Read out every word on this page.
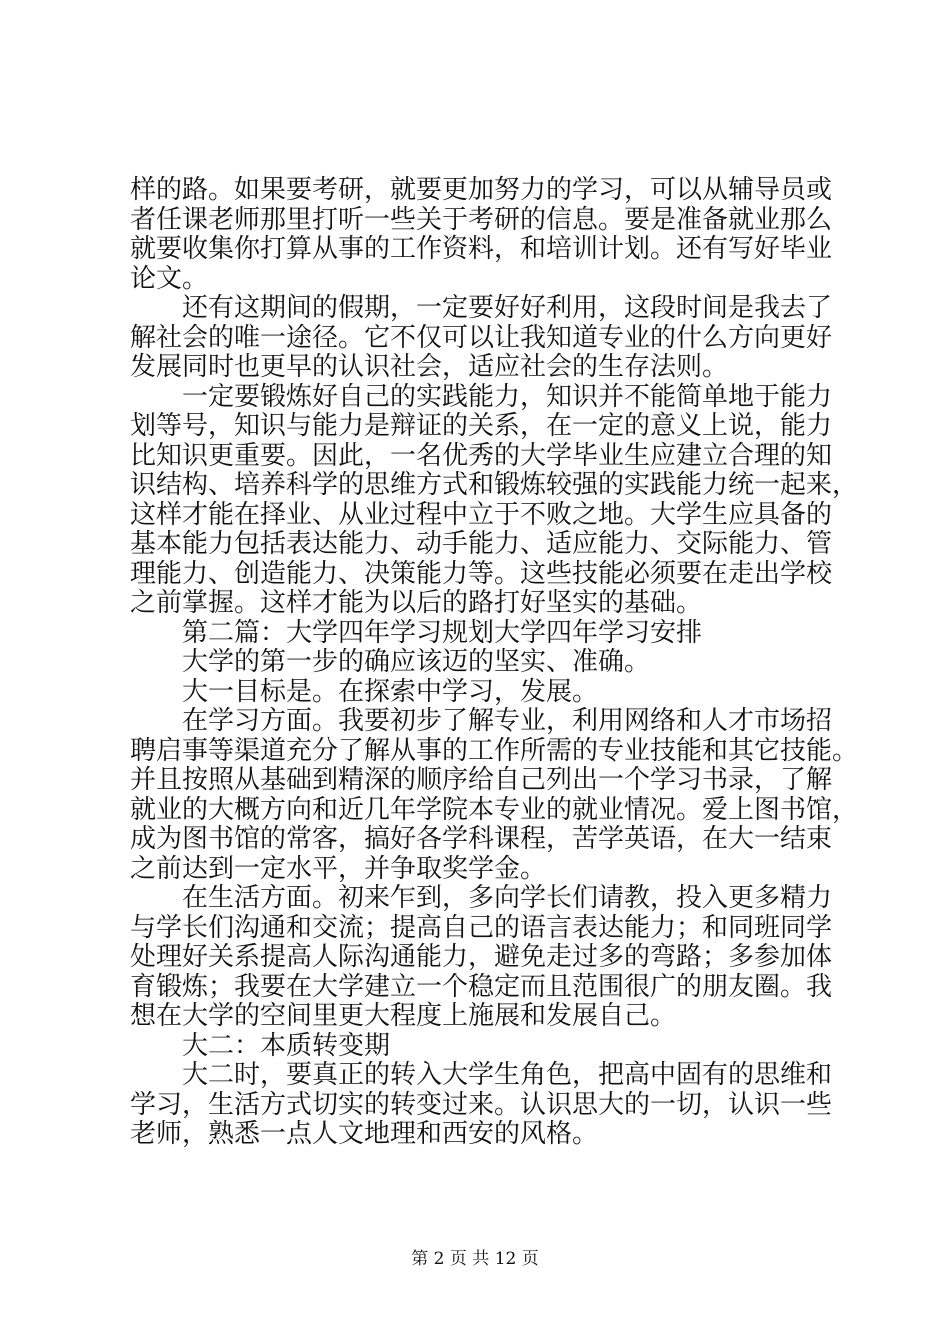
样的路。如果要考研，就要更加努力的学习，可以从辅导员或
者任课老师那里打听一些关于考研的信息。要是准备就业那么
就要收集你打算从事的工作资料，和培训计划。还有写好毕业
论文。
还有这期间的假期，一定要好好利用，这段时间是我去了
解社会的唯一途径。它不仅可以让我知道专业的什么方向更好
发展同时也更早的认识社会，适应社会的生存法则。
一定要锻炼好自己的实践能力，知识并不能简单地于能力
划等号，知识与能力是辩证的关系，在一定的意义上说，能力
比知识更重要。因此，一名优秀的大学毕业生应建立合理的知
识结构、培养科学的思维方式和锻炼较强的实践能力统一起来，
这样才能在择业、从业过程中立于不败之地。大学生应具备的
基本能力包括表达能力、动手能力、适应能力、交际能力、管
理能力、创造能力、决策能力等。这些技能必须要在走出学校
之前掌握。这样才能为以后的路打好坚实的基础。
第二篇：大学四年学习规划大学四年学习安排
大学的第一步的确应该迈的坚实、准确。
大一目标是。在探索中学习，发展。
在学习方面。我要初步了解专业，利用网络和人才市场招
聘启事等渠道充分了解从事的工作所需的专业技能和其它技能。
并且按照从基础到精深的顺序给自己列出一个学习书录，了解
就业的大概方向和近几年学院本专业的就业情况。爱上图书馆，
成为图书馆的常客，搞好各学科课程，苦学英语，在大一结束
之前达到一定水平，并争取奖学金。
在生活方面。初来乍到，多向学长们请教，投入更多精力
与学长们沟通和交流；提高自己的语言表达能力；和同班同学
处理好关系提高人际沟通能力，避免走过多的弯路；多参加体
育锻炼；我要在大学建立一个稳定而且范围很广的朋友圈。我
想在大学的空间里更大程度上施展和发展自己。
大二：本质转变期
大二时，要真正的转入大学生角色，把高中固有的思维和
学习，生活方式切实的转变过来。认识思大的一切，认识一些
老师，熟悉一点人文地理和西安的风格。
第 2 页 共 12 页
